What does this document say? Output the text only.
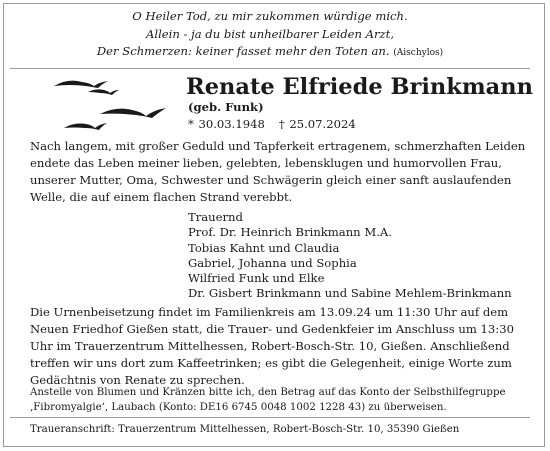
O Heiler Tod, zu mir zukommen würdige mich.
Allein - ja du bist unheilbarer Leiden Arzt,
Der Schmerzen: keiner fasset mehr den Toten an. (Aischylos)
Renate Elfriede Brinkmann
(geb. Funk)
* 30.03.1948 † 25.07.2024
Nach langem, mit großer Geduld und Tapferkeit ertragenem, schmerzhaften Leiden
endete das Leben meiner lieben, gelebten, lebensklugen und humorvollen Frau,
unserer Mutter, Oma, Schwester und Schwägerin gleich einer sanft auslaufenden
Welle, die auf einem flachen Strand verebbt.
Trauernd
Prof. Dr. Heinrich Brinkmann M.A.
Tobias Kahnt und Claudia
Gabriel, Johanna und Sophia
Wilfried Funk und Elke
Dr. Gisbert Brinkmann und Sabine Mehlem-Brinkmann
Die Urnenbeisetzung findet im Familienkreis am 13.09.24 um 11:30 Uhr auf dem
Neuen Friedhof Gießen statt, die Trauer- und Gedenkfeier im Anschluss um 13:30
Uhr im Trauerzentrum Mittelhessen, Robert-Bosch-Str. 10, Gießen. Anschließend
treffen wir uns dort zum Kaffeetrinken; es gibt die Gelegenheit, einige Worte zum
Gedächtnis von Renate zu sprechen.
Anstelle von Blumen und Kränzen bitte ich, den Betrag auf das Konto der Selbsthilfegruppe
‚Fibromyalgie‘, Laubach (Konto: DE16 6745 0048 1002 1228 43) zu überweisen.
Traueranschrift: Trauerzentrum Mittelhessen, Robert-Bosch-Str. 10, 35390 Gießen
